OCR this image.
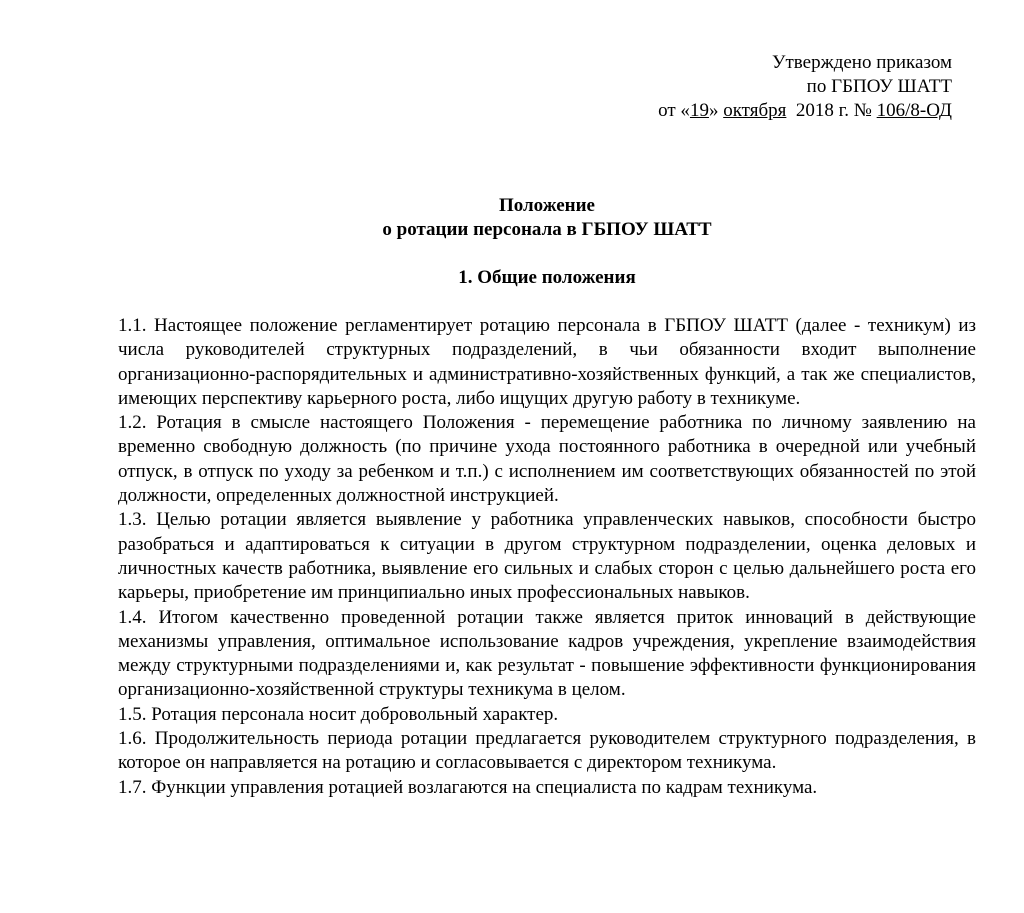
Утверждено приказом
по ГБПОУ ШАТТ
от «19» октября  2018 г. № 106/8-ОД
Положение
о ротации персонала в ГБПОУ ШАТТ
1. Общие положения

1.1. Настоящее положение регламентирует ротацию персонала в ГБПОУ ШАТТ (далее - техникум) из числа руководителей структурных подразделений, в чьи обязанности входит выполнение организационно-распорядительных и административно-хозяйственных функций, а так же специалистов, имеющих перспективу карьерного роста, либо ищущих другую работу в техникуме.

1.2. Ротация в смысле настоящего Положения - перемещение работника по личному заявлению на временно свободную должность (по причине ухода постоянного работника в очередной или учебный отпуск, в отпуск по уходу за ребенком и т.п.) с исполнением им соответствующих обязанностей по этой должности, определенных должностной инструкцией.

1.3. Целью ротации является выявление у работника управленческих навыков, способности быстро разобраться и адаптироваться к ситуации в другом структурном подразделении, оценка деловых и личностных качеств работника, выявление его сильных и слабых сторон с целью дальнейшего роста его карьеры, приобретение им принципиально иных профессиональных навыков.

1.4. Итогом качественно проведенной ротации также является приток инноваций в действующие механизмы управления, оптимальное использование кадров учреждения, укрепление взаимодействия между структурными подразделениями и, как результат - повышение эффективности функционирования организационно-хозяйственной структуры техникума в целом.

1.5. Ротация персонала носит добровольный характер.

1.6. Продолжительность периода ротации предлагается руководителем структурного подразделения, в которое он направляется на ротацию и согласовывается с директором техникума.

1.7. Функции управления ротацией возлагаются на специалиста по кадрам техникума.
